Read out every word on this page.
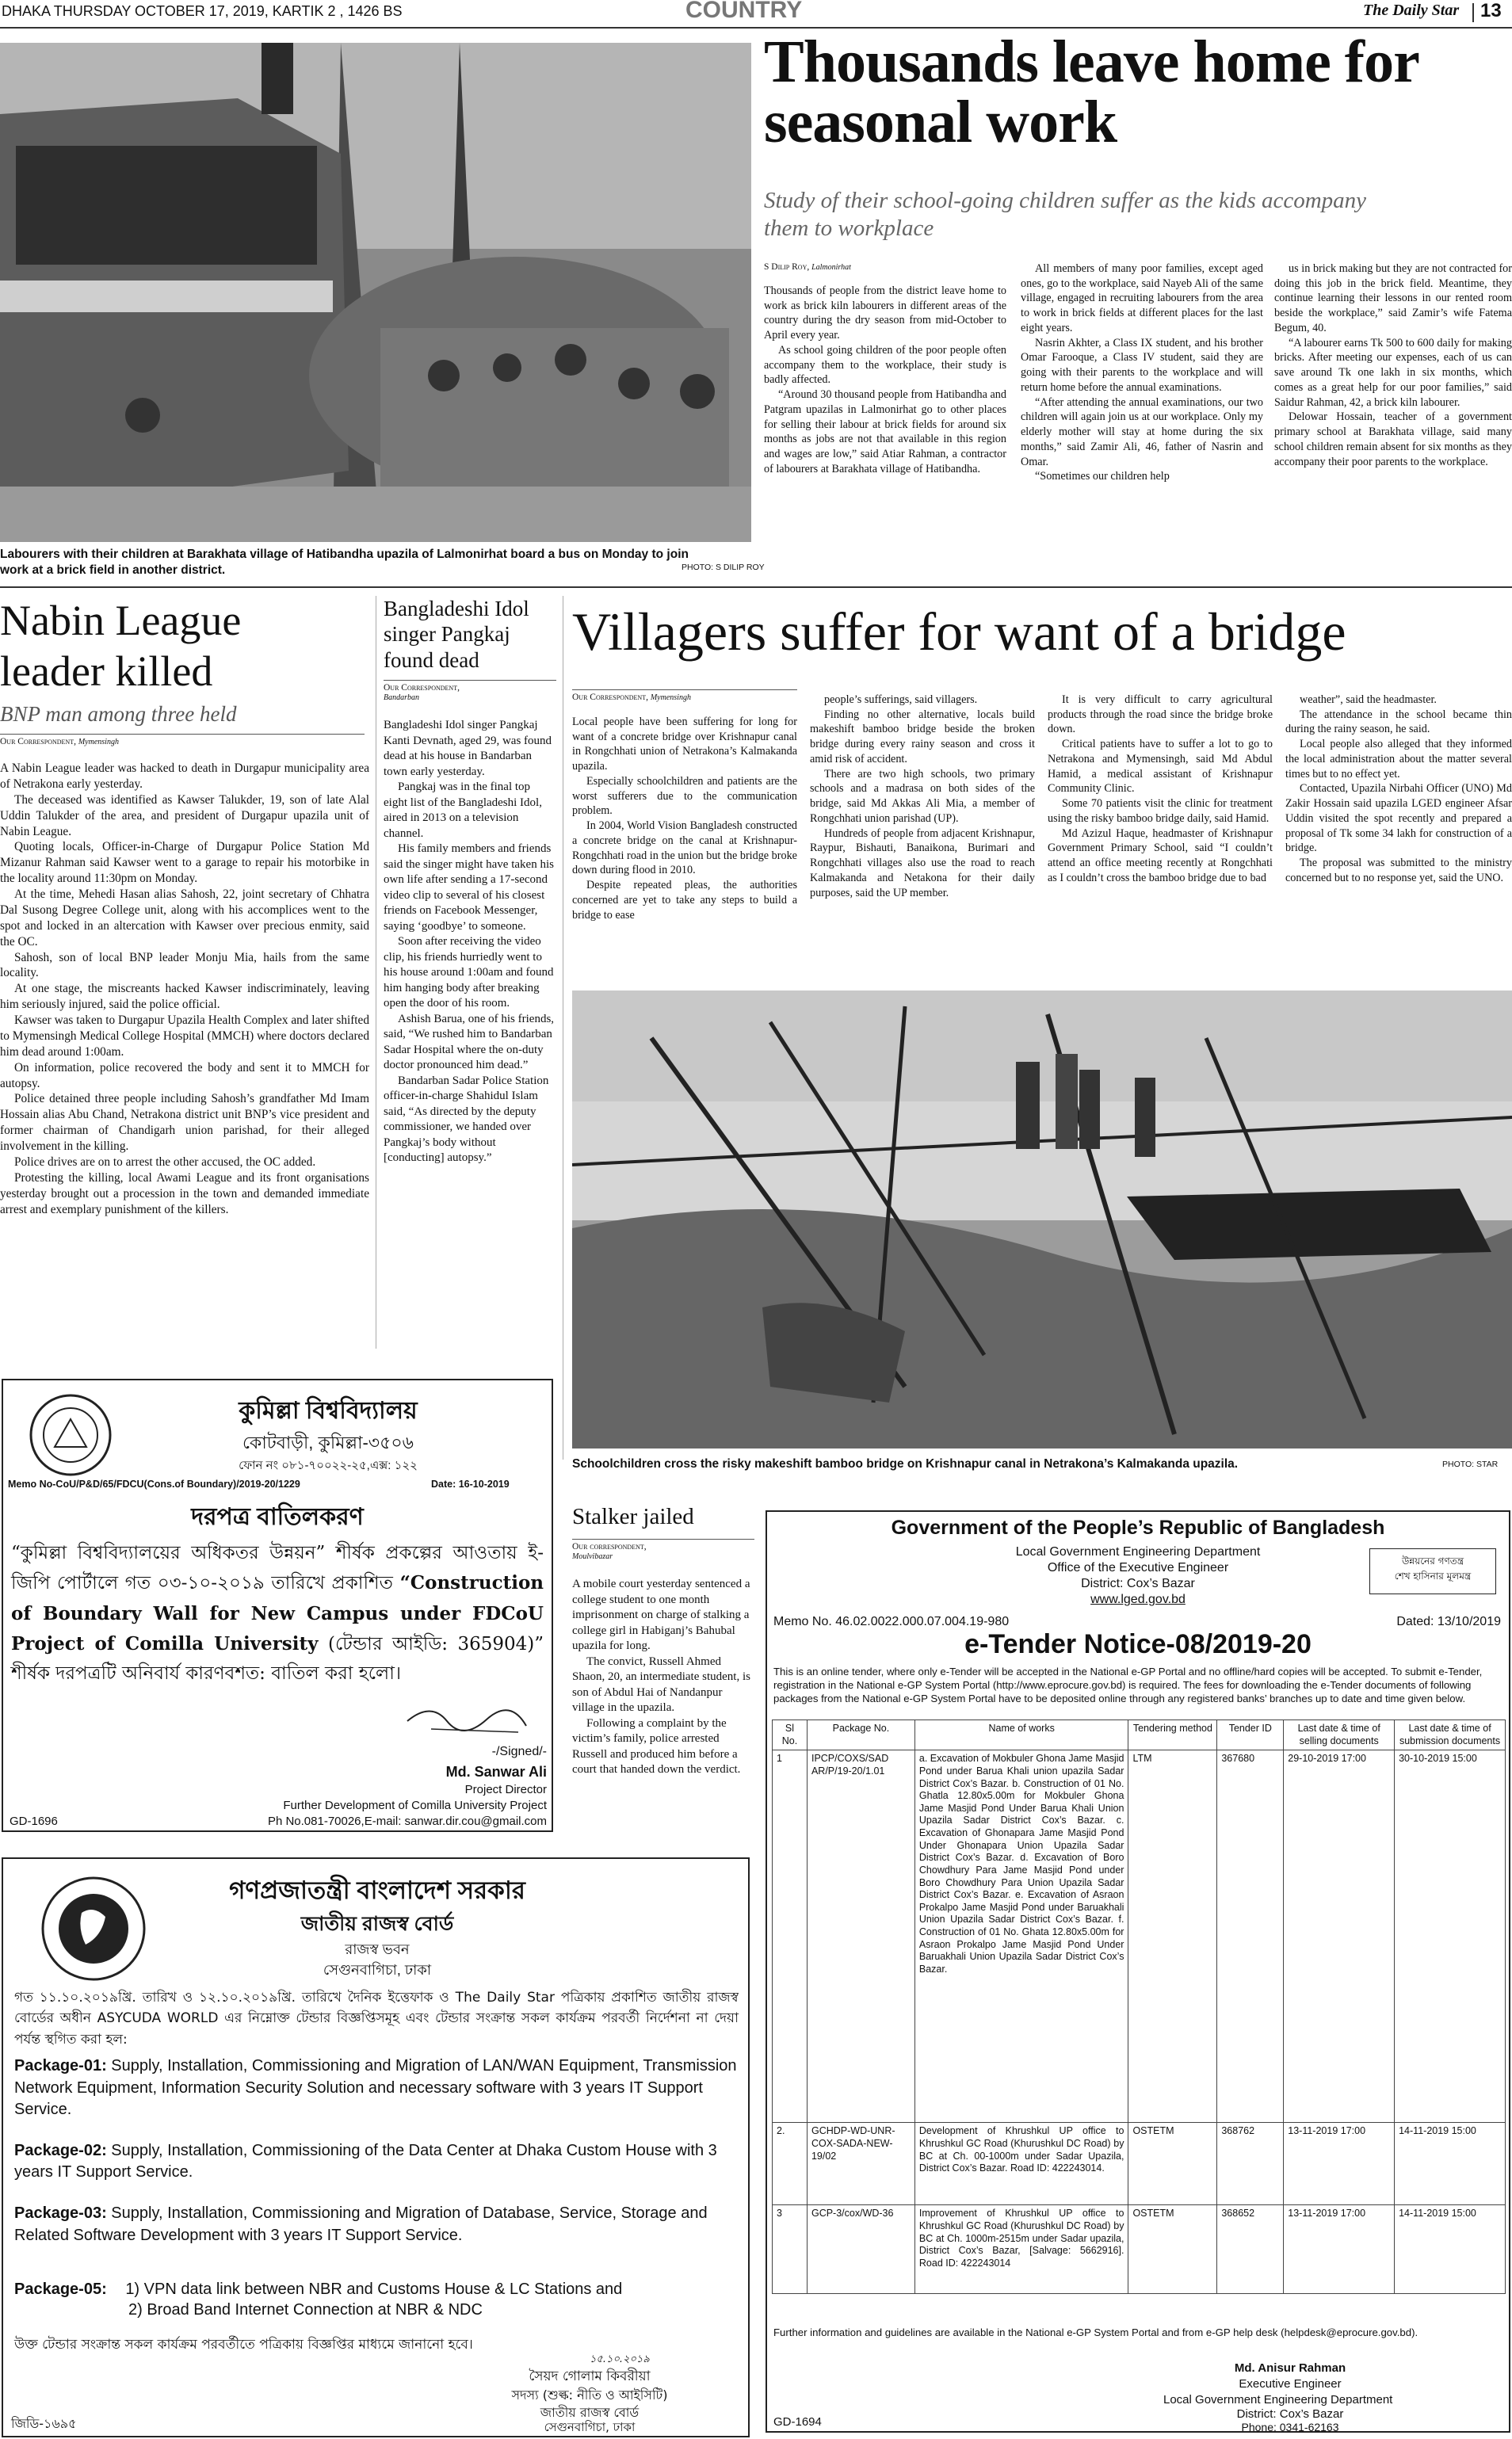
DHAKA THURSDAY OCTOBER 17, 2019, KARTIK 2 , 1426 BS	COUNTRY	The Daily Star 13
Labourers with their children at Barakhata village of Hatibandha upazila of Lalmonirhat board a bus on Monday to join work at a brick field in another district.	PHOTO: S DILIP ROY
Thousands leave home for seasonal work
Study of their school-going children suffer as the kids accompany them to workplace
S Dilip Roy, Lalmonirhat

Thousands of people from the district leave home to work as brick kiln labourers in different areas of the country during the dry season from mid-October to April every year.

As school going children of the poor people often accompany them to the workplace, their study is badly affected.

“Around 30 thousand people from Hatibandha and Patgram upazilas in Lalmonirhat go to other places for selling their labour at brick fields for around six months as jobs are not that available in this region and wages are low,” said Atiar Rahman, a contractor of labourers at Barakhata village of Hatibandha.

All members of many poor families, except aged ones, go to the workplace, said Nayeb Ali of the same village, engaged in recruiting labourers from the area to work in brick fields at different places for the last eight years.

Nasrin Akhter, a Class IX student, and his brother Omar Farooque, a Class IV student, said they are going with their parents to the workplace and will return home before the annual examinations.

“After attending the annual examinations, our two children will again join us at our workplace. Only my elderly mother will stay at home during the six months,” said Zamir Ali, 46, father of Nasrin and Omar.

“Sometimes our children help

us in brick making but they are not contracted for doing this job in the brick field. Meantime, they continue learning their lessons in our rented room beside the workplace,” said Zamir’s wife Fatema Begum, 40.

“A labourer earns Tk 500 to 600 daily for making bricks. After meeting our expenses, each of us can save around Tk one lakh in six months, which comes as a great help for our poor families,” said Saidur Rahman, 42, a brick kiln labourer.

Delowar Hossain, teacher of a government primary school at Barakhata village, said many school children remain absent for six months as they accompany their poor parents to the workplace.

Nabin League leader killed
BNP man among three held
Our Correspondent, Mymensingh

A Nabin League leader was hacked to death in Durgapur municipality area of Netrakona early yesterday.

The deceased was identified as Kawser Talukder, 19, son of late Alal Uddin Talukder of the area, and president of Durgapur upazila unit of Nabin League.

Quoting locals, Officer-in-Charge of Durgapur Police Station Md Mizanur Rahman said Kawser went to a garage to repair his motorbike in the locality around 11:30pm on Monday.

At the time, Mehedi Hasan alias Sahosh, 22, joint secretary of Chhatra Dal Susong Degree College unit, along with his accomplices went to the spot and locked in an altercation with Kawser over precious enmity, said the OC.

Sahosh, son of local BNP leader Monju Mia, hails from the same locality.

At one stage, the miscreants hacked Kawser indiscriminately, leaving him seriously injured, said the police official.

Kawser was taken to Durgapur Upazila Health Complex and later shifted to Mymensingh Medical College Hospital (MMCH) where doctors declared him dead around 1:00am.

On information, police recovered the body and sent it to MMCH for autopsy.

Police detained three people including Sahosh’s grandfather Md Imam Hossain alias Abu Chand, Netrakona district unit BNP’s vice president and former chairman of Chandigarh union parishad, for their alleged involvement in the killing.

Police drives are on to arrest the other accused, the OC added.

Protesting the killing, local Awami League and its front organisations yesterday brought out a procession in the town and demanded immediate arrest and exemplary punishment of the killers.

Bangladeshi Idol singer Pangkaj found dead
Our Correspondent,
Bandarban

Bangladeshi Idol singer Pangkaj Kanti Devnath, aged 29, was found dead at his house in Bandarban town early yesterday.

Pangkaj was in the final top eight list of the Bangladeshi Idol, aired in 2013 on a television channel.

His family members and friends said the singer might have taken his own life after sending a 17-second video clip to several of his closest friends on Facebook Messenger, saying ‘goodbye’ to someone.

Soon after receiving the video clip, his friends hurriedly went to his house around 1:00am and found him hanging body after breaking open the door of his room.

Ashish Barua, one of his friends, said, “We rushed him to Bandarban Sadar Hospital where the on-duty doctor pronounced him dead.”

Bandarban Sadar Police Station officer-in-charge Shahidul Islam said, “As directed by the deputy commissioner, we handed over Pangkaj’s body without [conducting] autopsy.”

Villagers suffer for want of a bridge
Our Correspondent, Mymensingh

Local people have been suffering for long for want of a concrete bridge over Krishnapur canal in Rongchhati union of Netrakona’s Kalmakanda upazila.

Especially schoolchildren and patients are the worst sufferers due to the communication problem.

In 2004, World Vision Bangladesh constructed a concrete bridge on the canal at Krishnapur-Rongchhati road in the union but the bridge broke down during flood in 2010.

Despite repeated pleas, the authorities concerned are yet to take any steps to build a bridge to ease

people’s sufferings, said villagers.

Finding no other alternative, locals build makeshift bamboo bridge beside the broken bridge during every rainy season and cross it amid risk of accident.

There are two high schools, two primary schools and a madrasa on both sides of the bridge, said Md Akkas Ali Mia, a member of Rongchhati union parishad (UP).

Hundreds of people from adjacent Krishnapur, Raypur, Bishauti, Banaikona, Burimari and Rongchhati villages also use the road to reach Kalmakanda and Netakona for their daily purposes, said the UP member.

It is very difficult to carry agricultural products through the road since the bridge broke down.

Critical patients have to suffer a lot to go to Netrakona and Mymensingh, said Md Abdul Hamid, a medical assistant of Krishnapur Community Clinic.

Some 70 patients visit the clinic for treatment using the risky bamboo bridge daily, said Hamid.

Md Azizul Haque, headmaster of Krishnapur Government Primary School, said “I couldn’t attend an office meeting recently at Rongchhati as I couldn’t cross the bamboo bridge due to bad

weather”, said the headmaster.

The attendance in the school became thin during the rainy season, he said.

Local people also alleged that they informed the local administration about the matter several times but to no effect yet.

Contacted, Upazila Nirbahi Officer (UNO) Md Zakir Hossain said upazila LGED engineer Afsar Uddin visited the spot recently and prepared a proposal of Tk some 34 lakh for construction of a bridge.

The proposal was submitted to the ministry concerned but to no response yet, said the UNO.

Schoolchildren cross the risky makeshift bamboo bridge on Krishnapur canal in Netrakona’s Kalmakanda upazila.	PHOTO: STAR
কুমিল্লা বিশ্ববিদ্যালয়
কোটবাড়ী, কুমিল্লা-৩৫০৬
ফোন নং ০৮১-৭০০২২-২৫,এক্স: ১২২
Memo No-CoU/P&D/65/FDCU(Cons.of Boundary)/2019-20/1229	Date: 16-10-2019
দরপত্র বাতিলকরণ
“কুমিল্লা বিশ্ববিদ্যালয়ের অধিকতর উন্নয়ন” শীর্ষক প্রকল্পের আওতায় ই-জিপি পোর্টালে গত ০৩-১০-২০১৯ তারিখে প্রকাশিত “Construction of Boundary Wall for New Campus under FDCoU Project of Comilla University (টেন্ডার আইডি: 365904)” শীর্ষক দরপত্রটি অনিবার্য কারণবশত: বাতিল করা হলো।
-/Signed/-
Md. Sanwar Ali
Project Director
Further Development of Comilla University Project
Ph No.081-70026,E-mail: sanwar.dir.cou@gmail.com
GD-1696
Stalker jailed
Our correspondent,
Moulvibazar

A mobile court yesterday sentenced a college student to one month imprisonment on charge of stalking a college girl in Habiganj’s Bahubal upazila for long.

The convict, Russell Ahmed Shaon, 20, an intermediate student, is son of Abdul Hai of Nandanpur village in the upazila.

Following a complaint by the victim’s family, police arrested Russell and produced him before a court that handed down the verdict.

Government of the People’s Republic of Bangladesh
Local Government Engineering Department
Office of the Executive Engineer
District: Cox’s Bazar
www.lged.gov.bd
উন্নয়নের গণতন্ত্র
শেখ হাসিনার মূলমন্ত্র
Memo No. 46.02.0022.000.07.004.19-980	Dated: 13/10/2019
e-Tender Notice-08/2019-20
This is an online tender, where only e-Tender will be accepted in the National e-GP Portal and no offline/hard copies will be accepted. To submit e-Tender, registration in the National e-GP System Portal (http://www.eprocure.gov.bd) is required. The fees for downloading the e-Tender documents of following packages from the National e-GP System Portal have to be deposited online through any registered banks’ branches up to date and time given below.
Sl No.	Package No.	Name of works	Tendering method	Tender ID	Last date & time of selling documents	Last date & time of submission documents
1	IPCP/COXS/SAD AR/P/19-20/1.01	a. Excavation of Mokbuler Ghona Jame Masjid Pond under Barua Khali union upazila Sadar District Cox’s Bazar. b. Construction of 01 No. Ghatla 12.80x5.00m for Mokbuler Ghona Jame Masjid Pond Under Barua Khali Union Upazila Sadar District Cox’s Bazar. c. Excavation of Ghonapara Jame Masjid Pond Under Ghonapara Union Upazila Sadar District Cox’s Bazar. d. Excavation of Boro Chowdhury Para Jame Masjid Pond under Boro Chowdhury Para Union Upazila Sadar District Cox’s Bazar. e. Excavation of Asraon Prokalpo Jame Masjid Pond under Baruakhali Union Upazila Sadar District Cox’s Bazar. f. Construction of 01 No. Ghata 12.80x5.00m for Asraon Prokalpo Jame Masjid Pond Under Baruakhali Union Upazila Sadar District Cox’s Bazar.	LTM	367680	29-10-2019 17:00	30-10-2019 15:00
2.	GCHDP-WD-UNR-COX-SADA-NEW-19/02	Development of Khrushkul UP office to Khrushkul GC Road (Khurushkul DC Road) by BC at Ch. 00-1000m under Sadar Upazila, District Cox’s Bazar. Road ID: 422243014.	OSTETM	368762	13-11-2019 17:00	14-11-2019 15:00
3	GCP-3/cox/WD-36	Improvement of Khrushkul UP office to Khrushkul GC Road (Khurushkul DC Road) by BC at Ch. 1000m-2515m under Sadar upazila, District Cox’s Bazar, [Salvage: 5662916]. Road ID: 422243014	OSTETM	368652	13-11-2019 17:00	14-11-2019 15:00
Further information and guidelines are available in the National e-GP System Portal and from e-GP help desk (helpdesk@eprocure.gov.bd).
Md. Anisur Rahman
Executive Engineer
Local Government Engineering Department
District: Cox’s Bazar
Phone: 0341-62163
GD-1694
গণপ্রজাতন্ত্রী বাংলাদেশ সরকার
জাতীয় রাজস্ব বোর্ড
রাজস্ব ভবন
সেগুনবাগিচা, ঢাকা
গত ১১.১০.২০১৯খ্রি. তারিখ ও ১২.১০.২০১৯খ্রি. তারিখে দৈনিক ইত্তেফাক ও The Daily Star পত্রিকায় প্রকাশিত জাতীয় রাজস্ব বোর্ডের অধীন ASYCUDA WORLD এর নিম্নোক্ত টেন্ডার বিজ্ঞপ্তিসমূহ এবং টেন্ডার সংক্রান্ত সকল কার্যক্রম পরবর্তী নির্দেশনা না দেয়া পর্যন্ত স্থগিত করা হল:
Package-01: Supply, Installation, Commissioning and Migration of LAN/WAN Equipment, Transmission Network Equipment, Information Security Solution and necessary software with 3 years IT Support Service.
Package-02: Supply, Installation, Commissioning of the Data Center at Dhaka Custom House with 3 years IT Support Service.
Package-03: Supply, Installation, Commissioning and Migration of Database, Service, Storage and Related Software Development with 3 years IT Support Service.
Package-05: 1) VPN data link between NBR and Customs House & LC Stations and
2) Broad Band Internet Connection at NBR & NDC
উক্ত টেন্ডার সংক্রান্ত সকল কার্যক্রম পরবর্তীতে পত্রিকায় বিজ্ঞপ্তির মাধ্যমে জানানো হবে।
১৫.১০.২০১৯
সৈয়দ গোলাম কিবরীয়া
সদস্য (শুল্ক: নীতি ও আইসিটি)
জাতীয় রাজস্ব বোর্ড
সেগুনবাগিচা, ঢাকা
জিডি-১৬৯৫
